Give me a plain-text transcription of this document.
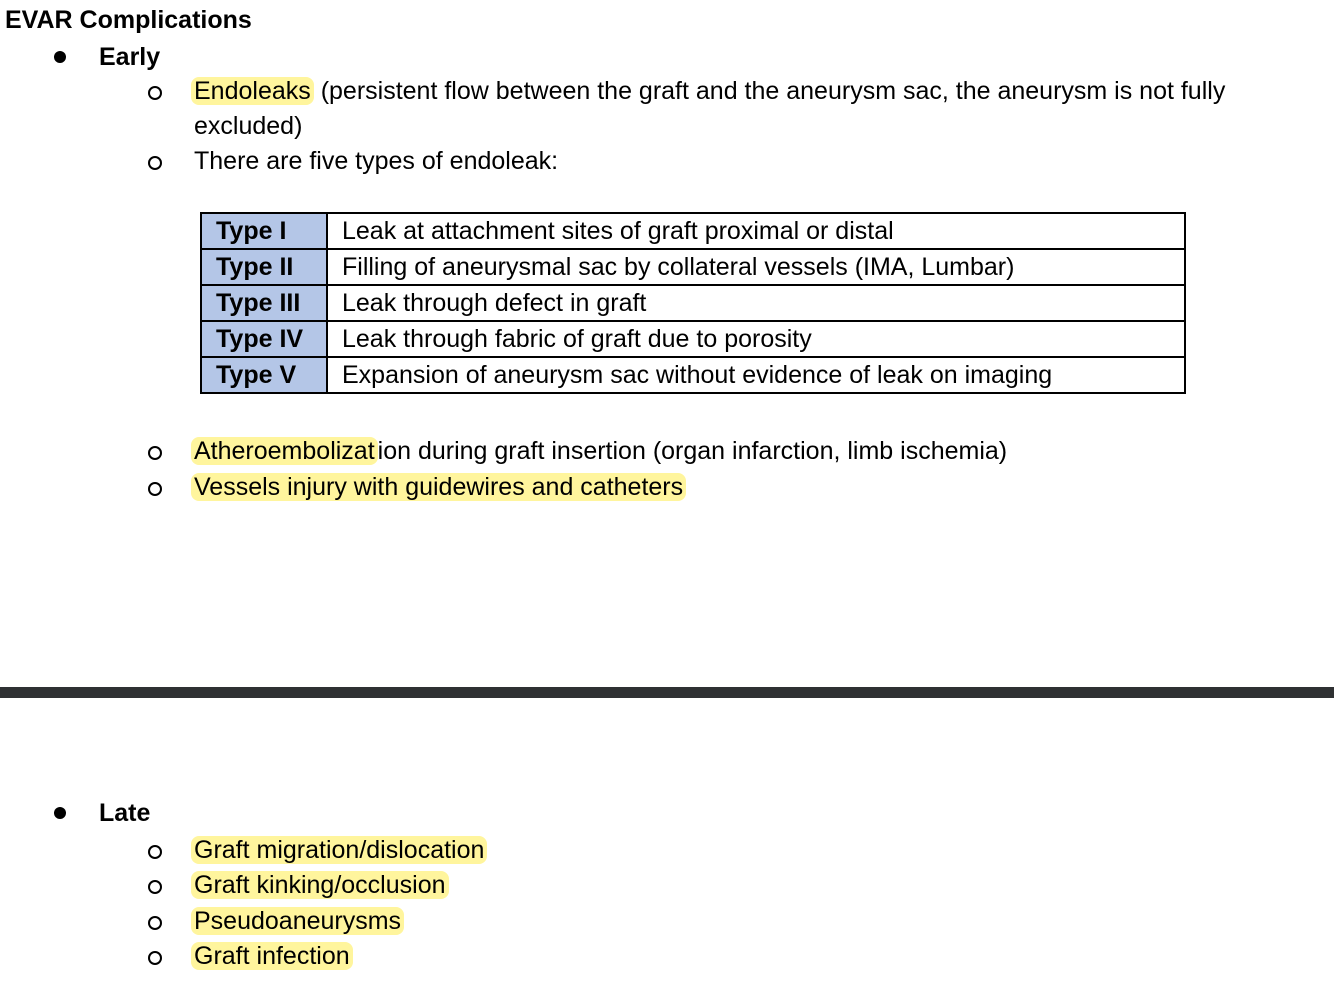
EVAR Complications
Early
Endoleaks (persistent flow between the graft and the aneurysm sac, the aneurysm is not fully excluded)
There are five types of endoleak:
Type I	Leak at attachment sites of graft proximal or distal
Type II	Filling of aneurysmal sac by collateral vessels (IMA, Lumbar)
Type III	Leak through defect in graft
Type IV	Leak through fabric of graft due to porosity
Type V	Expansion of aneurysm sac without evidence of leak on imaging
Atheroembolizat ion during graft insertion (organ infarction, limb ischemia)
Vessels injury with guidewires and catheters
Late
Graft migration/dislocation
Graft kinking/occlusion
Pseudoaneurysms
Graft infection
